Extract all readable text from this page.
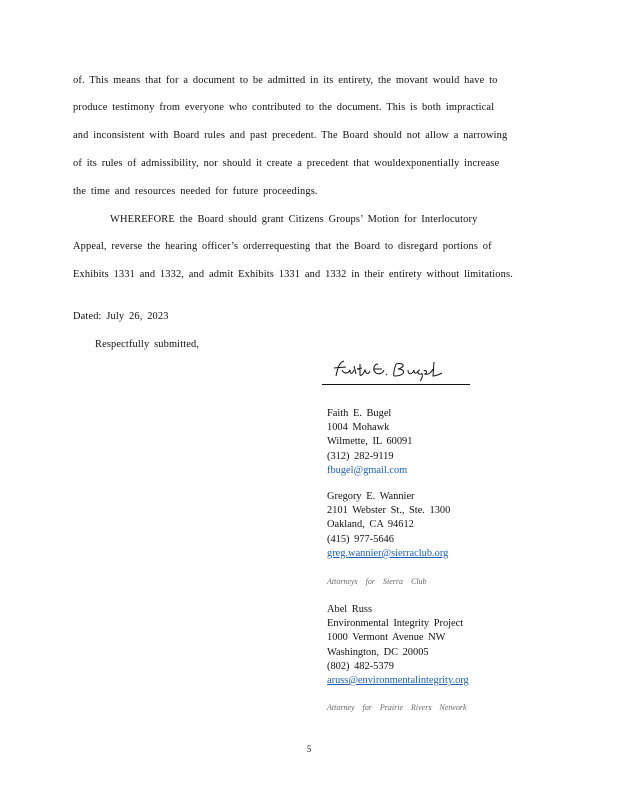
of. This means that for a document to be admitted in its entirety, the movant would have to
produce testimony from everyone who contributed to the document. This is both impractical
and inconsistent with Board rules and past precedent. The Board should not allow a narrowing
of its rules of admissibility, nor should it create a precedent that wouldexponentially increase
the time and resources needed for future proceedings.
WHEREFORE the Board should grant Citizens Groups’ Motion for Interlocutory
Appeal, reverse the hearing officer’s orderrequesting that the Board to disregard portions of
Exhibits 1331 and 1332, and admit Exhibits 1331 and 1332 in their entirety without limitations.
Dated: July 26, 2023
Respectfully submitted,
Faith E. Bugel
1004 Mohawk
Wilmette, IL 60091
(312) 282-9119
fbugel@gmail.com
Gregory E. Wannier
2101 Webster St., Ste. 1300
Oakland, CA 94612
(415) 977-5646
greg.wannier@sierraclub.org
Attorneys for Sierra Club
Abel Russ
Environmental Integrity Project
1000 Vermont Avenue NW
Washington, DC 20005
(802) 482-5379
aruss@environmentalintegrity.org
Attorney for Prairie Rivers Network
5
